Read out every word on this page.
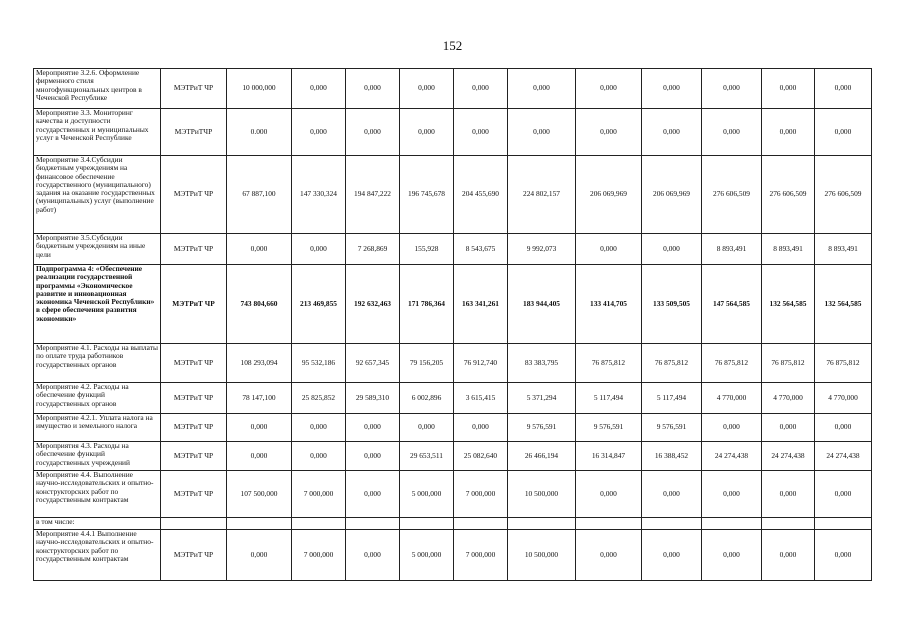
152
Мероприятие 3.2.6. Оформление фирменного стиля многофункциональных центров в Чеченской Республике	МЭТРиТ ЧР	10 000,000	0,000	0,000	0,000	0,000	0,000	0,000	0,000	0,000	0,000	0,000
Мероприятие 3.3. Мониторинг качества и доступности государственных и муниципальных услуг в Чеченской Республике	МЭТРиТЧР	0.000	0,000	0,000	0,000	0,000	0,000	0,000	0,000	0,000	0,000	0,000
Мероприятие 3.4.Субсидии бюджетным учреждениям на финансовое обеспечение государственного (муниципального) задания на оказание государственных (муниципальных) услуг (выполнение работ)	МЭТРиТ ЧР	67 887,100	147 330,324	194 847,222	196 745,678	204 455,690	224 802,157	206 069,969	206 069,969	276 606,509	276 606,509	276 606,509
Мероприятие 3.5.Субсидии бюджетным учреждениям на иные цели	МЭТРиТ ЧР	0,000	0,000	7 268,869	155,928	8 543,675	9 992,073	0,000	0,000	8 893,491	8 893,491	8 893,491
Подпрограмма 4: «Обеспечение реализации государственной программы «Экономическое развитие и инновационная экономика Чеченской Республики» в сфере обеспечения развития экономики»	МЭТРиТ ЧР	743 804,660	213 469,855	192 632,463	171 786,364	163 341,261	183 944,405	133 414,705	133 509,505	147 564,585	132 564,585	132 564,585
Мероприятие 4.1. Расходы на выплаты по оплате труда работников государственных органов	МЭТРиТ ЧР	108 293,094	95 532,186	92 657,345	79 156,205	76 912,740	83 383,795	76 875,812	76 875,812	76 875,812	76 875,812	76 875,812
Мероприятие 4.2. Расходы на обеспечение функций государственных органов	МЭТРиТ ЧР	78 147,100	25 825,852	29 589,310	6 002,896	3 615,415	5 371,294	5 117,494	5 117,494	4 770,000	4 770,000	4 770,000
Мероприятие 4.2.1. Уплата налога на имущество и земельного налога	МЭТРиТ ЧР	0,000	0,000	0,000	0,000	0,000	9 576,591	9 576,591	9 576,591	0,000	0,000	0,000
Мероприятия 4.3. Расходы на обеспечение функций государственных учреждений	МЭТРиТ ЧР	0,000	0,000	0,000	29 653,511	25 082,640	26 466,194	16 314,847	16 388,452	24 274,438	24 274,438	24 274,438
Мероприятие 4.4. Выполнение научно-исследовательских и опытно-конструкторских работ по государственным контрактам	МЭТРиТ ЧР	107 500,000	7 000,000	0,000	5 000,000	7 000,000	10 500,000	0,000	0,000	0,000	0,000	0,000
в том числе:												
Мероприятие 4.4.1 Выполнение научно-исследовательских и опытно-конструкторских работ по государственным контрактам	МЭТРиТ ЧР	0,000	7 000,000	0,000	5 000,000	7 000,000	10 500,000	0,000	0,000	0,000	0,000	0,000
